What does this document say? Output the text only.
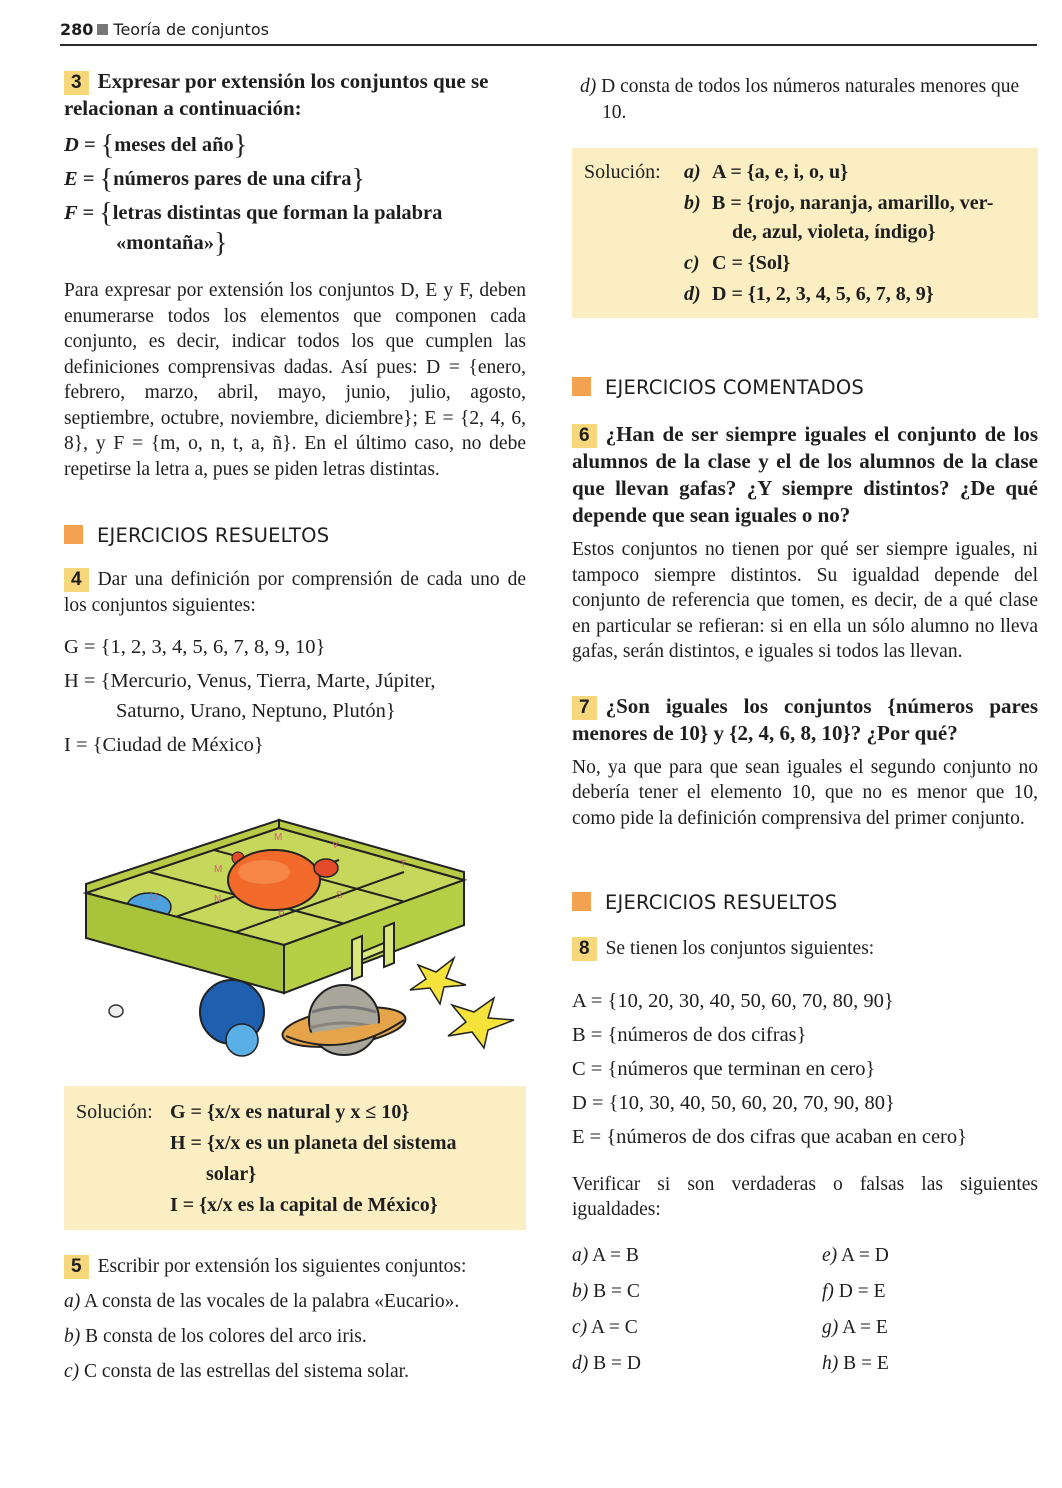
280 Teoría de conjuntos
3 Expresar por extensión los conjuntos que se relacionan a continuación:
D = {meses del año}
E = {números pares de una cifra}
F = {letras distintas que forman la palabra
«montaña»}

Para expresar por extensión los conjuntos D, E y F, deben enumerarse todos los elementos que componen cada conjunto, es decir, indicar todos los que cumplen las definiciones comprensivas dadas. Así pues: D = {enero, febrero, marzo, abril, mayo, junio, julio, agosto, septiembre, octubre, noviembre, diciembre}; E = {2, 4, 6, 8}, y F = {m, o, n, t, a, ñ}. En el último caso, no debe repetirse la letra a, pues se piden letras distintas.

EJERCICIOS RESUELTOS
4 Dar una definición por comprensión de cada uno de los conjuntos siguientes:
G = {1, 2, 3, 4, 5, 6, 7, 8, 9, 10}
H = {Mercurio, Venus, Tierra, Marte, Júpiter,
Saturno, Urano, Neptuno, Plutón}
I = {Ciudad de México}
M
V
T
M
U	S
N
P
Solución: G = {x/x es natural y x ≤ 10}
H = {x/x es un planeta del sistema
solar}
I = {x/x es la capital de México}
5 Escribir por extensión los siguientes conjuntos:
a) A consta de las vocales de la palabra «Eucario».
b) B consta de los colores del arco iris.
c) C consta de las estrellas del sistema solar.
d) D consta de todos los números naturales menores que 10.
Solución:	a) A = {a, e, i, o, u}
b) B = {rojo, naranja, amarillo, ver-
de, azul, violeta, índigo}
c) C = {Sol}
d) D = {1, 2, 3, 4, 5, 6, 7, 8, 9}
EJERCICIOS COMENTADOS
6 ¿Han de ser siempre iguales el conjunto de los alumnos de la clase y el de los alumnos de la clase que llevan gafas? ¿Y siempre distintos? ¿De qué depende que sean iguales o no?

Estos conjuntos no tienen por qué ser siempre iguales, ni tampoco siempre distintos. Su igualdad depende del conjunto de referencia que tomen, es decir, de a qué clase en particular se refieran: si en ella un sólo alumno no lleva gafas, serán distintos, e iguales si todos las llevan.

7 ¿Son iguales los conjuntos {números pares menores de 10} y {2, 4, 6, 8, 10}? ¿Por qué?

No, ya que para que sean iguales el segundo conjunto no debería tener el elemento 10, que no es menor que 10, como pide la definición comprensiva del primer conjunto.

EJERCICIOS RESUELTOS
8 Se tienen los conjuntos siguientes:
A = {10, 20, 30, 40, 50, 60, 70, 80, 90}
B = {números de dos cifras}
C = {números que terminan en cero}
D = {10, 30, 40, 50, 60, 20, 70, 90, 80}
E = {números de dos cifras que acaban en cero}

Verificar si son verdaderas o falsas las siguientes igualdades:

a) A = B	e) A = D
b) B = C	f) D = E
c) A = C	g) A = E
d) B = D	h) B = E
